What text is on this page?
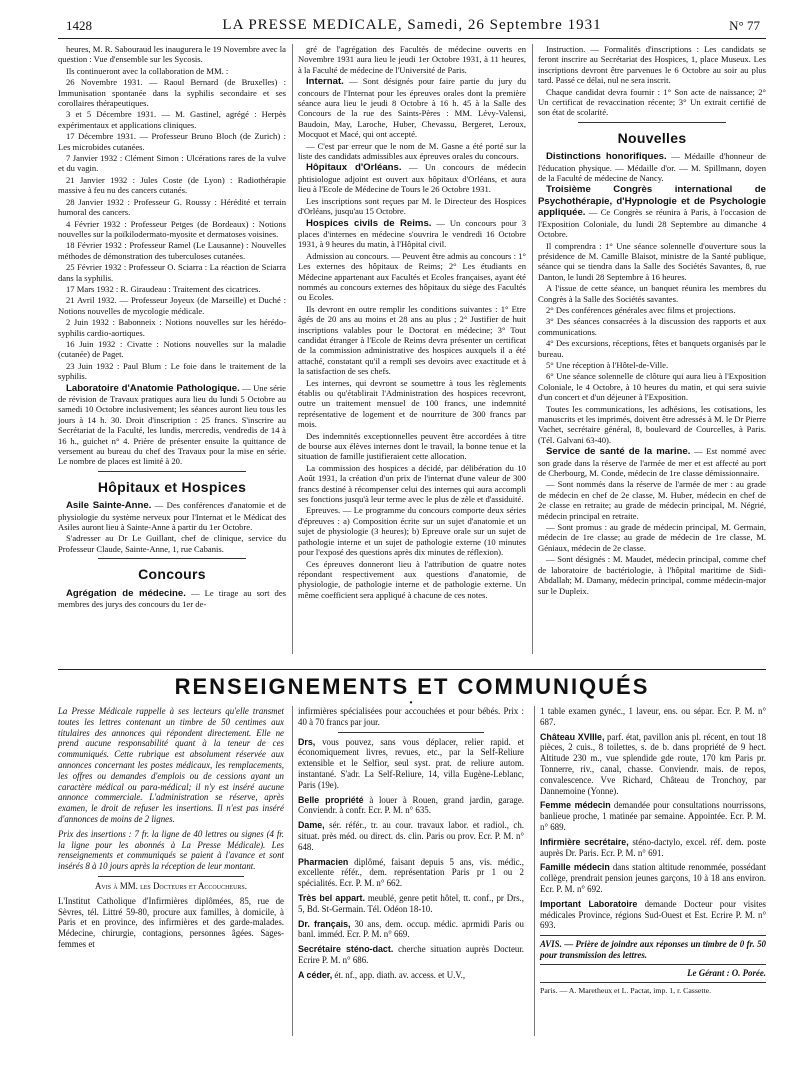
1428	LA PRESSE MEDICALE, Samedi, 26 Septembre 1931	N° 77

heures, M. R. Sabouraud les inaugurera le 19 Novembre avec la question : Vue d'ensemble sur les Sycosis.

Ils continueront avec la collaboration de MM. :

26 Novembre 1931. — Raoul Bernard (de Bruxelles) : Immunisation spontanée dans la syphilis secondaire et ses corollaires thérapeutiques.

3 et 5 Décembre 1931. — M. Gastinel, agrégé : Herpès expérimentaux et applications cliniques.

17 Décembre 1931. — Professeur Bruno Bloch (de Zurich) : Les microbides cutanées.

7 Janvier 1932 : Clément Simon : Ulcérations rares de la vulve et du vagin.

21 Janvier 1932 : Jules Coste (de Lyon) : Radiothérapie massive à feu nu des cancers cutanés.

28 Janvier 1932 : Professeur G. Roussy : Hérédité et terrain humoral des cancers.

4 Février 1932 : Professeur Petges (de Bordeaux) : Notions nouvelles sur la poïkilodermato-myosite et dermatoses voisines.

18 Février 1932 : Professeur Ramel (Le Lausanne) : Nouvelles méthodes de démonstration des tuberculoses cutanées.

25 Février 1932 : Professeur O. Sciarra : La réaction de Sciarra dans la syphilis.

17 Mars 1932 : R. Giraudeau : Traitement des cicatrices.

21 Avril 1932. — Professeur Joyeux (de Marseille) et Duché : Notions nouvelles de mycologie médicale.

2 Juin 1932 : Babonneix : Notions nouvelles sur les hérédo-syphilis cardio-aortiques.

16 Juin 1932 : Civatte : Notions nouvelles sur la maladie (cutanée) de Paget.

23 Juin 1932 : Paul Blum : Le foie dans le traitement de la syphilis.

Laboratoire d'Anatomie Pathologique. — Une série de révision de Travaux pratiques aura lieu du lundi 5 Octobre au samedi 10 Octobre inclusivement; les séances auront lieu tous les jours à 14 h. 30. Droit d'inscription : 25 francs. S'inscrire au Secrétariat de la Faculté, les lundis, mercredis, vendredis de 14 à 16 h., guichet n° 4. Prière de présenter ensuite la quittance de versement au bureau du chef des Travaux pour la mise en série. Le nombre de places est limité à 20.

Hôpitaux et Hospices

Asile Sainte-Anne. — Des conférences d'anatomie et de physiologie du système nerveux pour l'Internat et le Médicat des Asiles auront lieu à Sainte-Anne à partir du 1er Octobre.

S'adresser au Dr Le Guillant, chef de clinique, service du Professeur Claude, Sainte-Anne, 1, rue Cabanis.

Concours

Agrégation de médecine. — Le tirage au sort des membres des jurys des concours du 1er de-

gré de l'agrégation des Facultés de médecine ouverts en Novembre 1931 aura lieu le jeudi 1er Octobre 1931, à 11 heures, à la Faculté de médecine de l'Université de Paris.

Internat. — Sont désignés pour faire partie du jury du concours de l'Internat pour les épreuves orales dont la première séance aura lieu le jeudi 8 Octobre à 16 h. 45 à la Salle des Concours de la rue des Saints-Pères : MM. Lévy-Valensi, Baudoin, May, Laroche, Huber, Chevassu, Bergeret, Leroux, Mocquot et Macé, qui ont accepté.

— C'est par erreur que le nom de M. Gasne a été porté sur la liste des candidats admissibles aux épreuves orales du concours.

Hôpitaux d'Orléans. — Un concours de médecin phtisiologue adjoint est ouvert aux hôpitaux d'Orléans, et aura lieu à l'Ecole de Médecine de Tours le 26 Octobre 1931.

Les inscriptions sont reçues par M. le Directeur des Hospices d'Orléans, jusqu'au 15 Octobre.

Hospices civils de Reims. — Un concours pour 3 places d'internes en médecine s'ouvrira le vendredi 16 Octobre 1931, à 9 heures du matin, à l'Hôpital civil.

Admission au concours. — Peuvent être admis au concours : 1° Les externes des hôpitaux de Reims; 2° Les étudiants en Médecine appartenant aux Facultés et Ecoles françaises, ayant été nommés au concours externes des hôpitaux du siège des Facultés ou Ecoles.

Ils devront en outre remplir les conditions suivantes : 1° Etre âgés de 20 ans au moins et 28 ans au plus ; 2° Justifier de huit inscriptions valables pour le Doctorat en médecine; 3° Tout candidat étranger à l'Ecole de Reims devra présenter un certificat de la commission administrative des hospices auxquels il a été attaché, constatant qu'il a rempli ses devoirs avec exactitude et à la satisfaction de ses chefs.

Les internes, qui devront se soumettre à tous les règlements établis ou qu'établirait l'Administration des hospices recevront, outre un traitement mensuel de 100 francs, une indemnité représentative de logement et de nourriture de 300 francs par mois.

Des indemnités exceptionnelles peuvent être accordées à titre de bourse aux élèves internes dont le travail, la bonne tenue et la situation de famille justifieraient cette allocation.

La commission des hospices a décidé, par délibération du 10 Août 1931, la création d'un prix de l'internat d'une valeur de 300 francs destiné à récompenser celui des internes qui aura accompli ses fonctions jusqu'à leur terme avec le plus de zèle et d'assiduité.

Epreuves. — Le programme du concours comporte deux séries d'épreuves : a) Composition écrite sur un sujet d'anatomie et un sujet de physiologie (3 heures); b) Epreuve orale sur un sujet de pathologie interne et un sujet de pathologie externe (10 minutes pour l'exposé des questions après dix minutes de réflexion).

Ces épreuves donneront lieu à l'attribution de quatre notes répondant respectivement aux questions d'anatomie, de physiologie, de pathologie interne et de pathologie externe. Un même coefficient sera appliqué à chacune de ces notes.

Instruction. — Formalités d'inscriptions : Les candidats se feront inscrire au Secrétariat des Hospices, 1, place Museux. Les inscriptions devront être parvenues le 6 Octobre au soir au plus tard. Passé ce délai, nul ne sera inscrit.

Chaque candidat devra fournir : 1° Son acte de naissance; 2° Un certificat de revaccination récente; 3° Un extrait certifié de son état de scolarité.

Nouvelles

Distinctions honorifiques. — Médaille d'honneur de l'éducation physique. — Médaille d'or. — M. Spillmann, doyen de la Faculté de médecine de Nancy.

Troisième Congrès international de Psychothérapie, d'Hypnologie et de Psychologie appliquée. — Ce Congrès se réunira à Paris, à l'occasion de l'Exposition Coloniale, du lundi 28 Septembre au dimanche 4 Octobre.

Il comprendra : 1° Une séance solennelle d'ouverture sous la présidence de M. Camille Blaisot, ministre de la Santé publique, séance qui se tiendra dans la Salle des Sociétés Savantes, 8, rue Danton, le lundi 28 Septembre à 16 heures.

A l'issue de cette séance, un banquet réunira les membres du Congrès à la Salle des Sociétés savantes.

2° Des conférences générales avec films et projections.

3° Des séances consacrées à la discussion des rapports et aux communications.

4° Des excursions, réceptions, fêtes et banquets organisés par le bureau.

5° Une réception à l'Hôtel-de-Ville.

6° Une séance solennelle de clôture qui aura lieu à l'Exposition Coloniale, le 4 Octobre, à 10 heures du matin, et qui sera suivie d'un concert et d'un déjeuner à l'Exposition.

Toutes les communications, les adhésions, les cotisations, les manuscrits et les imprimés, doivent être adressés à M. le Dr Pierre Vachet, secrétaire général, 8, boulevard de Courcelles, à Paris. (Tél. Galvani 63-40).

Service de santé de la marine. — Est nommé avec son grade dans la réserve de l'armée de mer et est affecté au port de Cherbourg, M. Conde, médecin de 1re classe démissionnaire.

— Sont nommés dans la réserve de l'armée de mer : au grade de médecin en chef de 2e classe, M. Huber, médecin en chef de 2e classe en retraite; au grade de médecin principal, M. Négrié, médecin principal en retraite.

— Sont promus : au grade de médecin principal, M. Germain, médecin de 1re classe; au grade de médecin de 1re classe, M. Géniaux, médecin de 2e classe.

— Sont désignés : M. Maudet, médecin principal, comme chef de laboratoire de bactériologie, à l'hôpital maritime de Sidi-Abdallah; M. Damany, médecin principal, comme médecin-major sur le Dupleix.

RENSEIGNEMENTS ET COMMUNIQUÉS
•

La Presse Médicale rappelle à ses lecteurs qu'elle transmet toutes les lettres contenant un timbre de 50 centimes aux titulaires des annonces qui répondent directement. Elle ne prend aucune responsabilité quant à la teneur de ces communiqués. Cette rubrique est absolument réservée aux annonces concernant les postes médicaux, les remplacements, les offres ou demandes d'emplois ou de cessions ayant un caractère médical ou para-médical; il n'y est inséré aucune annonce commerciale. L'administration se réserve, après examen, le droit de refuser les insertions. Il n'est pas inséré d'annonces de moins de 2 lignes.

Prix des insertions : 7 fr. la ligne de 40 lettres ou signes (4 fr. la ligne pour les abonnés à La Presse Médicale). Les renseignements et communiqués se paient à l'avance et sont insérés 8 à 10 jours après la réception de leur montant.

Avis à MM. les Docteurs et Accoucheurs.

L'Institut Catholique d'Infirmières diplômées, 85, rue de Sèvres, tél. Littré 59-80, procure aux familles, à domicile, à Paris et en province, des infirmières et des garde-malades. Médecine, chirurgie, contagions, personnes âgées. Sages-femmes et

infirmières spécialisées pour accouchées et pour bébés. Prix : 40 à 70 francs par jour.

Drs, vous pouvez, sans vous déplacer, relier rapid. et économiquement livres, revues, etc., par la Self-Reliure extensible et le Selfior, seul syst. prat. de reliure autom. instantané. S'adr. La Self-Reliure, 14, villa Eugène-Leblanc, Paris (19e).

Belle propriété à louer à Rouen, grand jardin, garage. Conviendr. à confr. Ecr. P. M. n° 635.

Dame, sér. référ., tr. au cour. travaux labor. et radiol., ch. situat. près méd. ou direct. ds. clin. Paris ou prov. Ecr. P. M. n° 648.

Pharmacien diplômé, faisant depuis 5 ans, vis. médic., excellente référ., dem. représentation Paris pr 1 ou 2 spécialités. Ecr. P. M. n° 662.

Très bel appart. meublé, genre petit hôtel, tt. conf., pr Drs., 5, Bd. St-Germain. Tél. Odéon 18-10.

Dr. français, 30 ans, dem. occup. médic. aprmidi Paris ou banl. imméd. Ecr. P. M. n° 669.

Secrétaire sténo-dact. cherche situation auprès Docteur. Ecrire P. M. n° 686.

A céder, ét. nf., app. diath. av. access. et U.V.,

1 table examen gynéc., 1 laveur, ens. ou sépar. Ecr. P. M. n° 687.

Château XVIIIe, parf. état, pavillon anis pl. récent, en tout 18 pièces, 2 cuis., 8 toilettes, s. de b. dans propriété de 9 hect. Altitude 230 m., vue splendide gde route, 170 km Paris pr. Tonnerre, riv., canal, chasse. Conviendr. mais. de repos, convalescence. Vve Richard, Château de Tronchoy, par Dannemoine (Yonne).

Femme médecin demandée pour consultations nourrissons, banlieue proche, 1 matinée par semaine. Appointée. Ecr. P. M. n° 689.

Infirmière secrétaire, sténo-dactylo, excel. réf. dem. poste auprès Dr. Paris. Ecr. P. M. n° 691.

Famille médecin dans station altitude renommée, possédant collège, prendrait pension jeunes garçons, 10 à 18 ans environ. Ecr. P. M. n° 692.

Important Laboratoire demande Docteur pour visites médicales Province, régions Sud-Ouest et Est. Ecrire P. M. n° 693.

AVIS. — Prière de joindre aux réponses un timbre de 0 fr. 50 pour transmission des lettres.
Le Gérant : O. Porée.
Paris. — A. Maretheux et L. Pactat, imp. 1, r. Cassette.
